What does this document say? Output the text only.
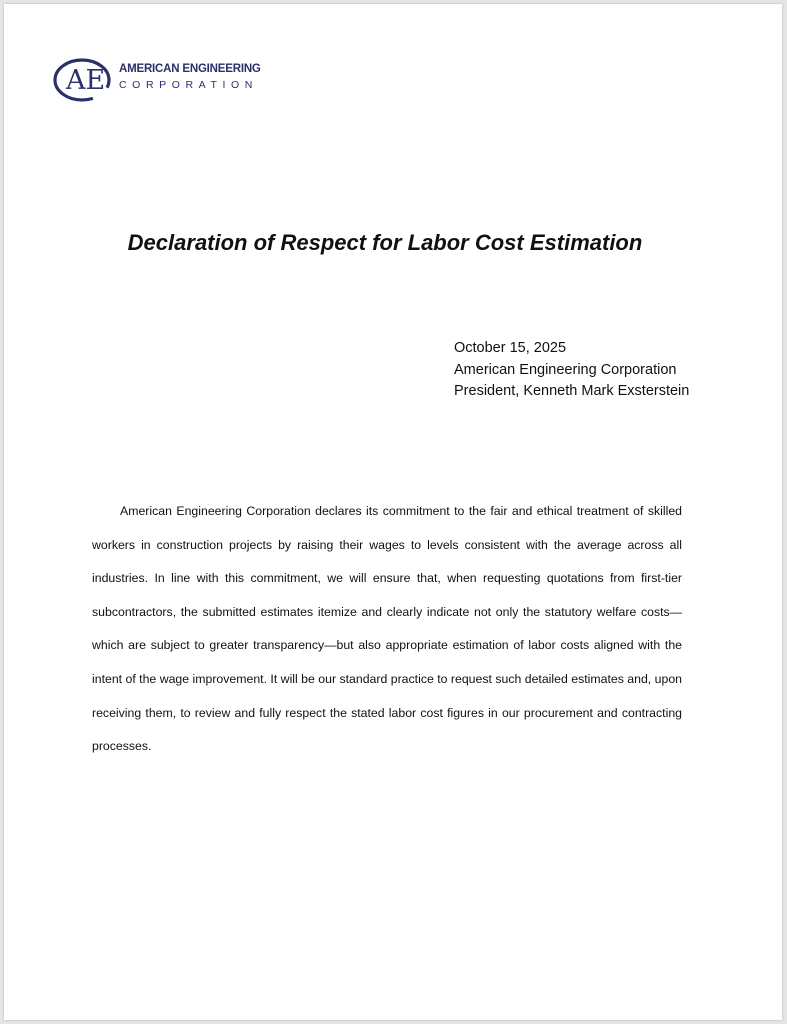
AE AMERICAN ENGINEERING
CORPORATION
Declaration of Respect for Labor Cost Estimation
October 15, 2025
American Engineering Corporation
President, Kenneth Mark Exsterstein

American Engineering Corporation declares its commitment to the fair and ethical treatment of skilled workers in construction projects by raising their wages to levels consistent with the average across all industries. In line with this commitment, we will ensure that, when requesting quotations from first-tier subcontractors, the submitted estimates itemize and clearly indicate not only the statutory welfare costs—which are subject to greater transparency—but also appropriate estimation of labor costs aligned with the intent of the wage improvement. It will be our standard practice to request such detailed estimates and, upon receiving them, to review and fully respect the stated labor cost figures in our procurement and contracting processes.
